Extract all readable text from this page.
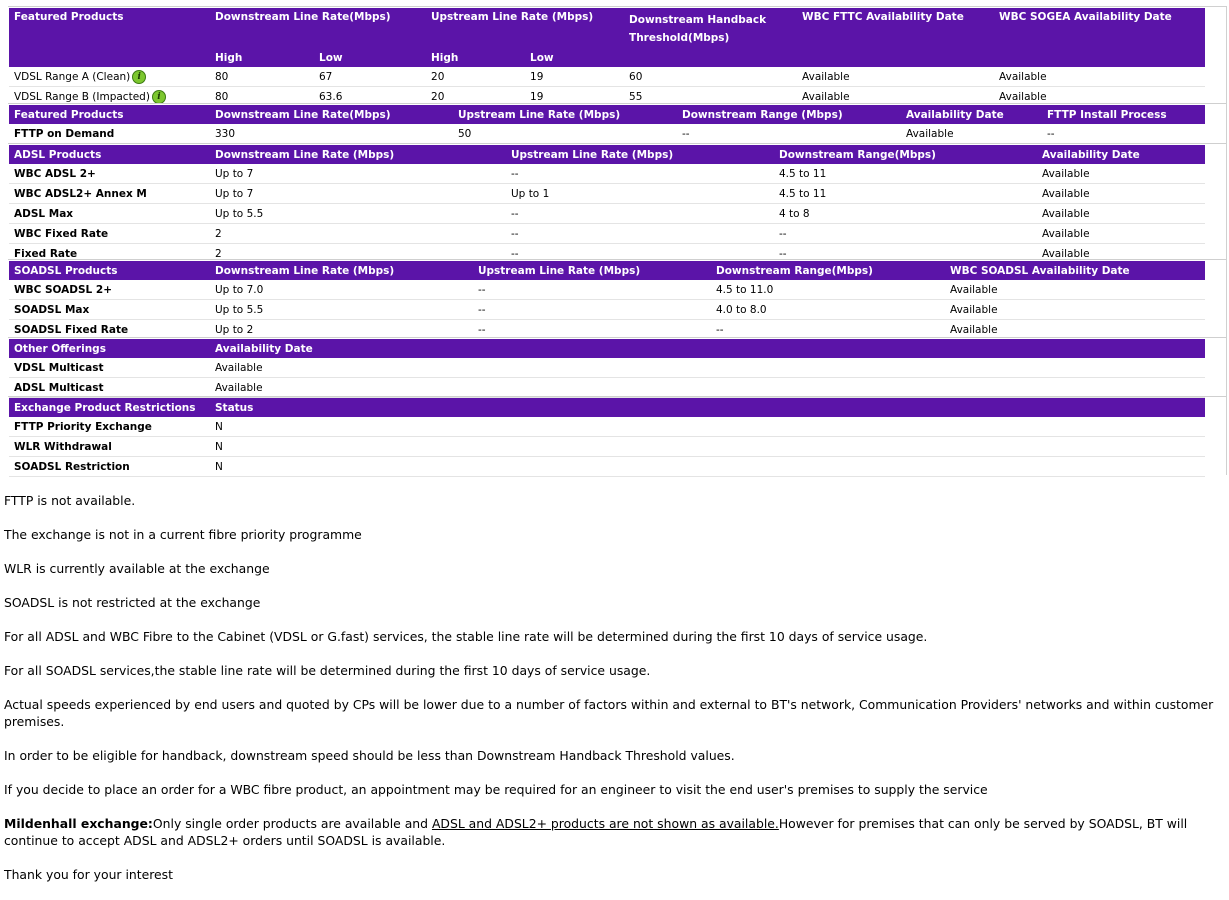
Featured Products	Downstream Line Rate(Mbps)		Upstream Line Rate (Mbps)		Downstream Handback Threshold(Mbps)	WBC FTTC Availability Date	WBC SOGEA Availability Date
	High	Low	High	Low			
VDSL Range A (Clean) i	80	67	20	19	60	Available	Available
VDSL Range B (Impacted) i	80	63.6	20	19	55	Available	Available
Featured Products	Downstream Line Rate(Mbps)	Upstream Line Rate (Mbps)	Downstream Range (Mbps)	Availability Date	FTTP Install Process
FTTP on Demand	330	50	--	Available	--
ADSL Products	Downstream Line Rate (Mbps)	Upstream Line Rate (Mbps)	Downstream Range(Mbps)	Availability Date
WBC ADSL 2+	Up to 7	--	4.5 to 11	Available
WBC ADSL2+ Annex M	Up to 7	Up to 1	4.5 to 11	Available
ADSL Max	Up to 5.5	--	4 to 8	Available
WBC Fixed Rate	2	--	--	Available
Fixed Rate	2	--	--	Available
SOADSL Products	Downstream Line Rate (Mbps)	Upstream Line Rate (Mbps)	Downstream Range(Mbps)	WBC SOADSL Availability Date
WBC SOADSL 2+	Up to 7.0	--	4.5 to 11.0	Available
SOADSL Max	Up to 5.5	--	4.0 to 8.0	Available
SOADSL Fixed Rate	Up to 2	--	--	Available
Other Offerings	Availability Date
VDSL Multicast	Available
ADSL Multicast	Available
Exchange Product Restrictions	Status
FTTP Priority Exchange	N
WLR Withdrawal	N
SOADSL Restriction	N

FTTP is not available.

The exchange is not in a current fibre priority programme

WLR is currently available at the exchange

SOADSL is not restricted at the exchange

For all ADSL and WBC Fibre to the Cabinet (VDSL or G.fast) services, the stable line rate will be determined during the first 10 days of service usage.

For all SOADSL services,the stable line rate will be determined during the first 10 days of service usage.

Actual speeds experienced by end users and quoted by CPs will be lower due to a number of factors within and external to BT's network, Communication Providers' networks and within customer premises.

In order to be eligible for handback, downstream speed should be less than Downstream Handback Threshold values.

If you decide to place an order for a WBC fibre product, an appointment may be required for an engineer to visit the end user's premises to supply the service

Mildenhall exchange:Only single order products are available and ADSL and ADSL2+ products are not shown as available.However for premises that can only be served by SOADSL, BT will continue to accept ADSL and ADSL2+ orders until SOADSL is available.

Thank you for your interest
